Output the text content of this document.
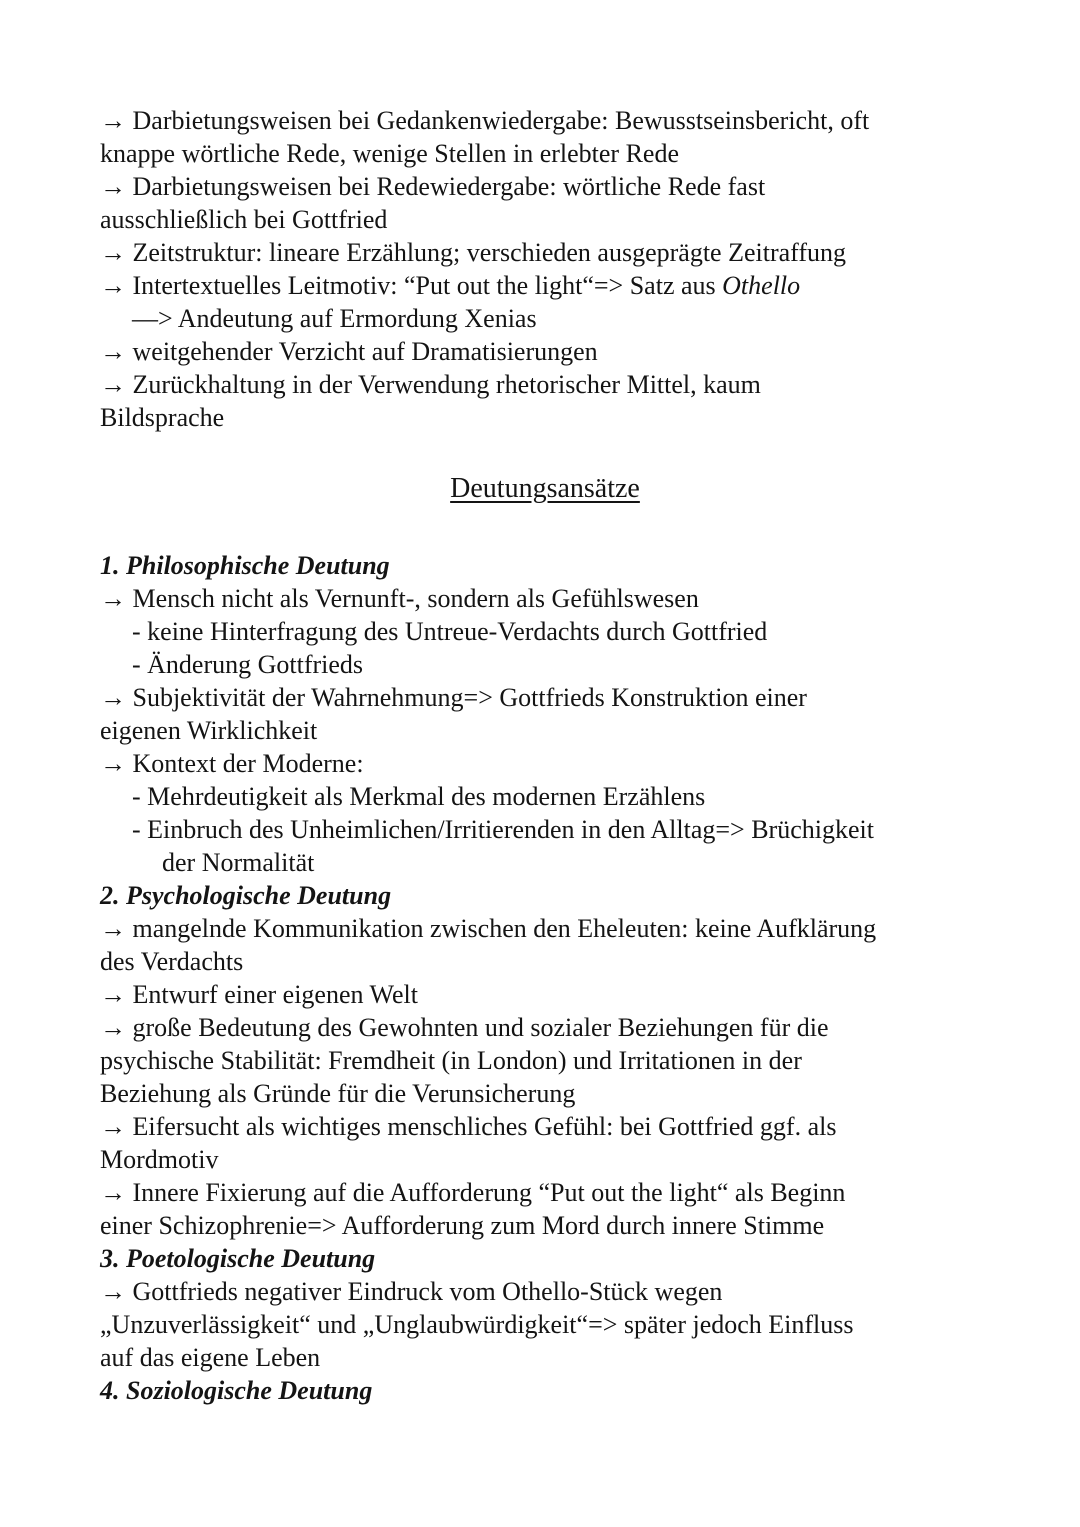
→ Darbietungsweisen bei Gedankenwiedergabe: Bewusstseinsbericht, oft
knappe wörtliche Rede, wenige Stellen in erlebter Rede
→ Darbietungsweisen bei Redewiedergabe: wörtliche Rede fast
ausschließlich bei Gottfried
→ Zeitstruktur: lineare Erzählung; verschieden ausgeprägte Zeitraffung
→ Intertextuelles Leitmotiv: “Put out the light“=> Satz aus Othello
—> Andeutung auf Ermordung Xenias
→ weitgehender Verzicht auf Dramatisierungen
→ Zurückhaltung in der Verwendung rhetorischer Mittel, kaum
Bildsprache
Deutungsansätze
1. Philosophische Deutung
→ Mensch nicht als Vernunft-, sondern als Gefühlswesen
- keine Hinterfragung des Untreue-Verdachts durch Gottfried
- Änderung Gottfrieds
→ Subjektivität der Wahrnehmung=> Gottfrieds Konstruktion einer
eigenen Wirklichkeit
→ Kontext der Moderne:
- Mehrdeutigkeit als Merkmal des modernen Erzählens
- Einbruch des Unheimlichen/Irritierenden in den Alltag=> Brüchigkeit
der Normalität
2. Psychologische Deutung
→ mangelnde Kommunikation zwischen den Eheleuten: keine Aufklärung
des Verdachts
→ Entwurf einer eigenen Welt
→ große Bedeutung des Gewohnten und sozialer Beziehungen für die
psychische Stabilität: Fremdheit (in London) und Irritationen in der
Beziehung als Gründe für die Verunsicherung
→ Eifersucht als wichtiges menschliches Gefühl: bei Gottfried ggf. als
Mordmotiv
→ Innere Fixierung auf die Aufforderung “Put out the light“ als Beginn
einer Schizophrenie=> Aufforderung zum Mord durch innere Stimme
3. Poetologische Deutung
→ Gottfrieds negativer Eindruck vom Othello-Stück wegen
„Unzuverlässigkeit“ und „Unglaubwürdigkeit“=> später jedoch Einfluss
auf das eigene Leben
4. Soziologische Deutung
